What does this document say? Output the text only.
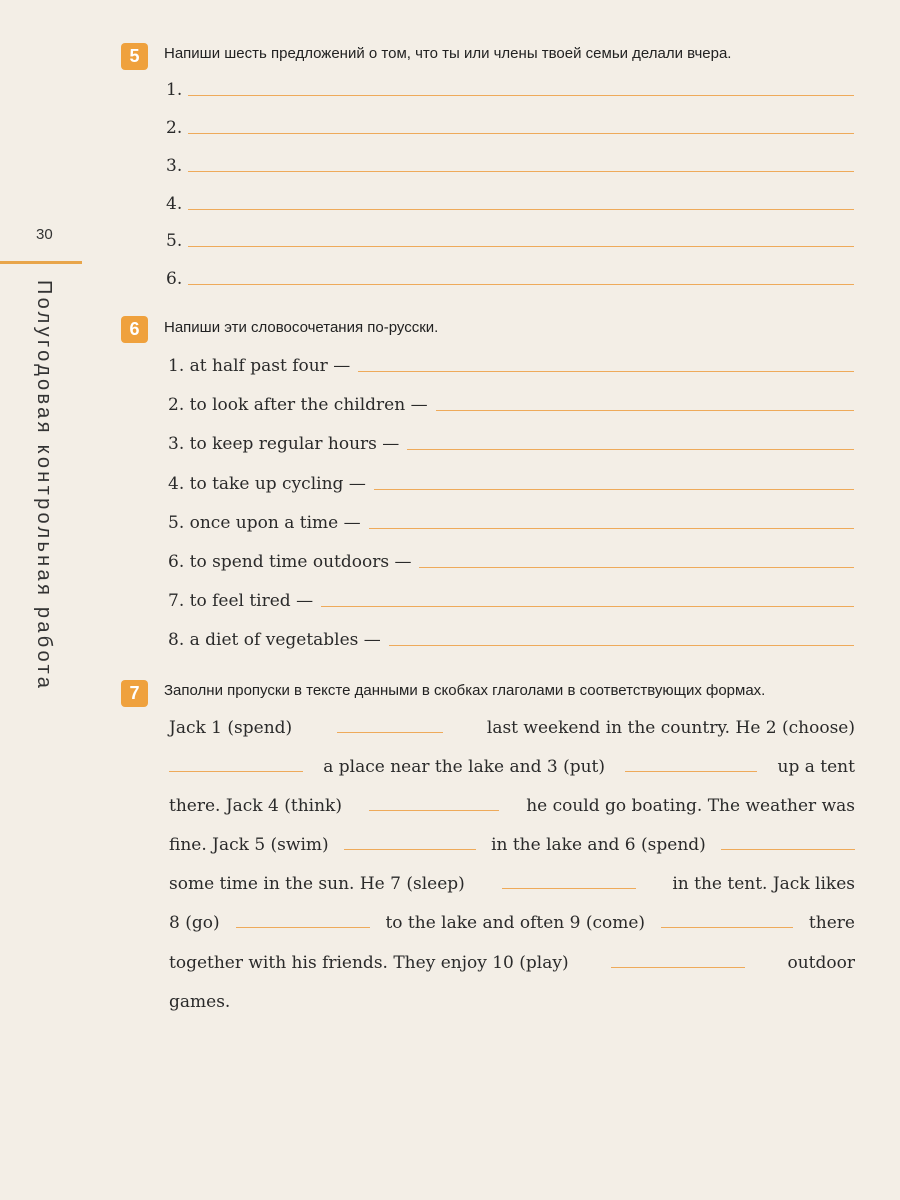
30
Полугодовая контрольная работа
5	Напиши шесть предложений о том, что ты или члены твоей семьи делали вчера.
1.
2.
3.
4.
5.
6.
6	Напиши эти словосочетания по-русски.
1. at half past four —
2. to look after the children —
3. to keep regular hours —
4. to take up cycling —
5. once upon a time —
6. to spend time outdoors —
7. to feel tired —
8. a diet of vegetables —
7	Заполни пропуски в тексте данными в скобках глаголами в соответствующих формах.
Jack 1 (spend)	last weekend in the country. He 2 (choose)
a place near the lake and 3 (put)	up a tent
there. Jack 4 (think)	he could go boating. The weather was
fine. Jack 5 (swim)	in the lake and 6 (spend)
some time in the sun. He 7 (sleep)	in the tent. Jack likes
8 (go)	to the lake and often 9 (come)	there
together with his friends. They enjoy 10 (play)	outdoor
games.
